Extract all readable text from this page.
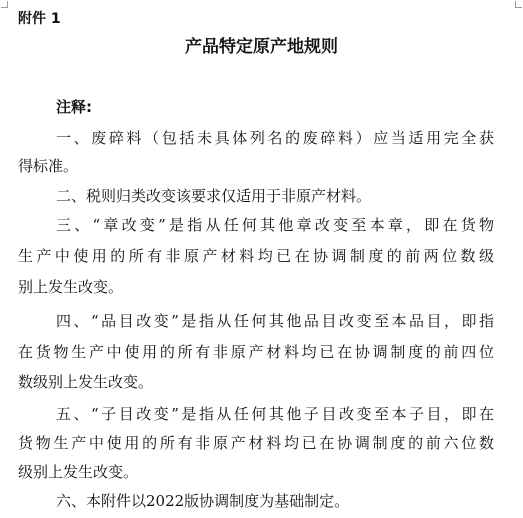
附件 1
产品特定原产地规则
注释:
一、废碎料（包括未具体列名的废碎料）应当适用完全获
得标准。
二、税则归类改变该要求仅适用于非原产材料。
三、“章改变”是指从任何其他章改变至本章，即在货物
生产中使用的所有非原产材料均已在协调制度的前两位数级
别上发生改变。
四、“品目改变”是指从任何其他品目改变至本品目，即指
在货物生产中使用的所有非原产材料均已在协调制度的前四位
数级别上发生改变。
五、“子目改变”是指从任何其他子目改变至本子目，即在
货物生产中使用的所有非原产材料均已在协调制度的前六位数
级别上发生改变。
六、本附件以2022版协调制度为基础制定。
